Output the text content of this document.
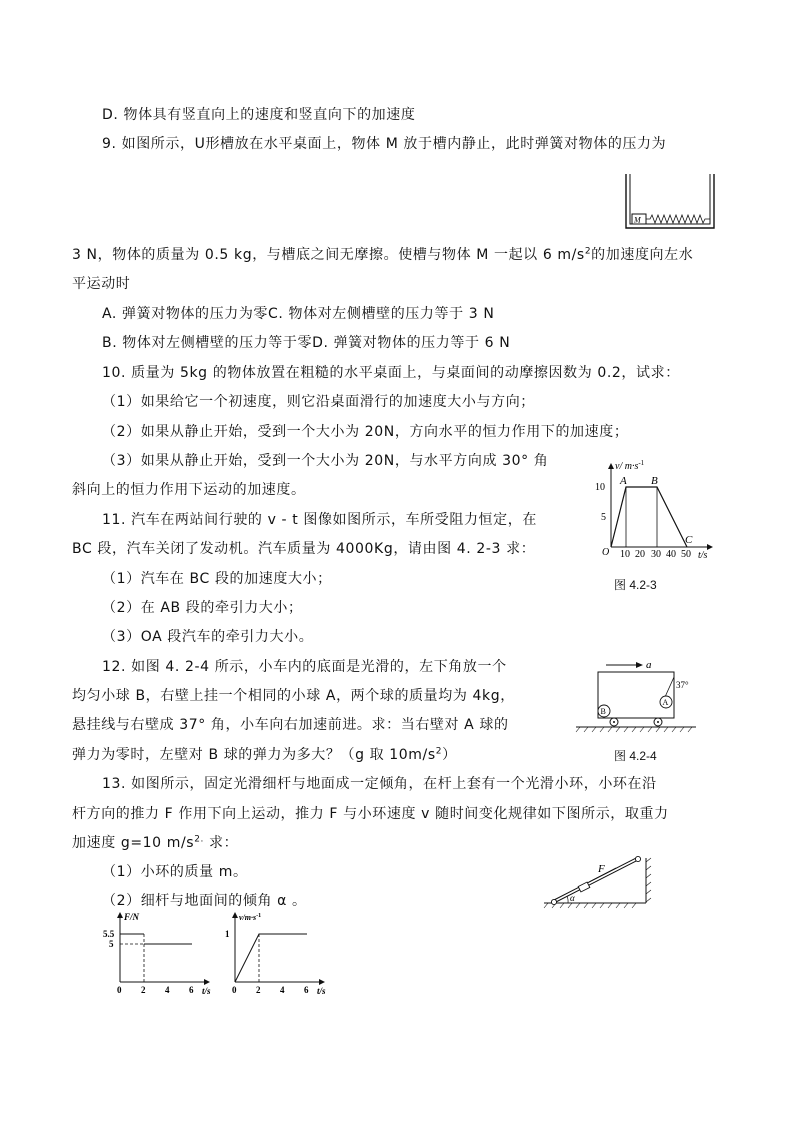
D. 物体具有竖直向上的速度和竖直向下的加速度
9. 如图所示，U形槽放在水平桌面上，物体 M 放于槽内静止，此时弹簧对物体的压力为
3 N，物体的质量为 0.5 kg，与槽底之间无摩擦。使槽与物体 M 一起以 6 $m/s^2$的加速度向左水
平运动时
A. 弹簧对物体的压力为零C. 物体对左侧槽壁的压力等于 3 N
B. 物体对左侧槽壁的压力等于零D. 弹簧对物体的压力等于 6 N
10. 质量为 5kg 的物体放置在粗糙的水平桌面上，与桌面间的动摩擦因数为 0.2，试求：
（1）如果给它一个初速度，则它沿桌面滑行的加速度大小与方向；
（2）如果从静止开始，受到一个大小为 20N，方向水平的恒力作用下的加速度；
（3）如果从静止开始，受到一个大小为 20N，与水平方向成 30° 角
斜向上的恒力作用下运动的加速度。
11. 汽车在两站间行驶的 v - t 图像如图所示，车所受阻力恒定，在
BC 段，汽车关闭了发动机。汽车质量为 4000Kg，请由图 4. 2-3 求：
（1）汽车在 BC 段的加速度大小；
（2）在 AB 段的牵引力大小；
（3）OA 段汽车的牵引力大小。
12. 如图 4. 2-4 所示，小车内的底面是光滑的，左下角放一个
均匀小球 B，右壁上挂一个相同的小球 A，两个球的质量均为 4kg，
悬挂线与右壁成 37° 角，小车向右加速前进。求：当右壁对 A 球的
弹力为零时，左壁对 B 球的弹力为多大？（g 取 $10m/s^2$）
13. 如图所示，固定光滑细杆与地面成一定倾角，在杆上套有一个光滑小环，小环在沿
杆方向的推力 F 作用下向上运动，推力 F 与小环速度 v 随时间变化规律如下图所示，取重力
加速度 g=10 $m/s^{2.}$ 求：
（1）小环的质量 m。
（2）细杆与地面间的倾角 α 。
M
v/ $m\cdot s^{-1}$
10
5
O 10 20 30 40 50 t/s
A B
C
图 4.2-3
a
37°
A
B
图 4.2-4
F
α
F/N
5.5
5
0 2 4 6 t/s
$v/m\cdot s^{-1}$
1
0 2 4 6 t/s
